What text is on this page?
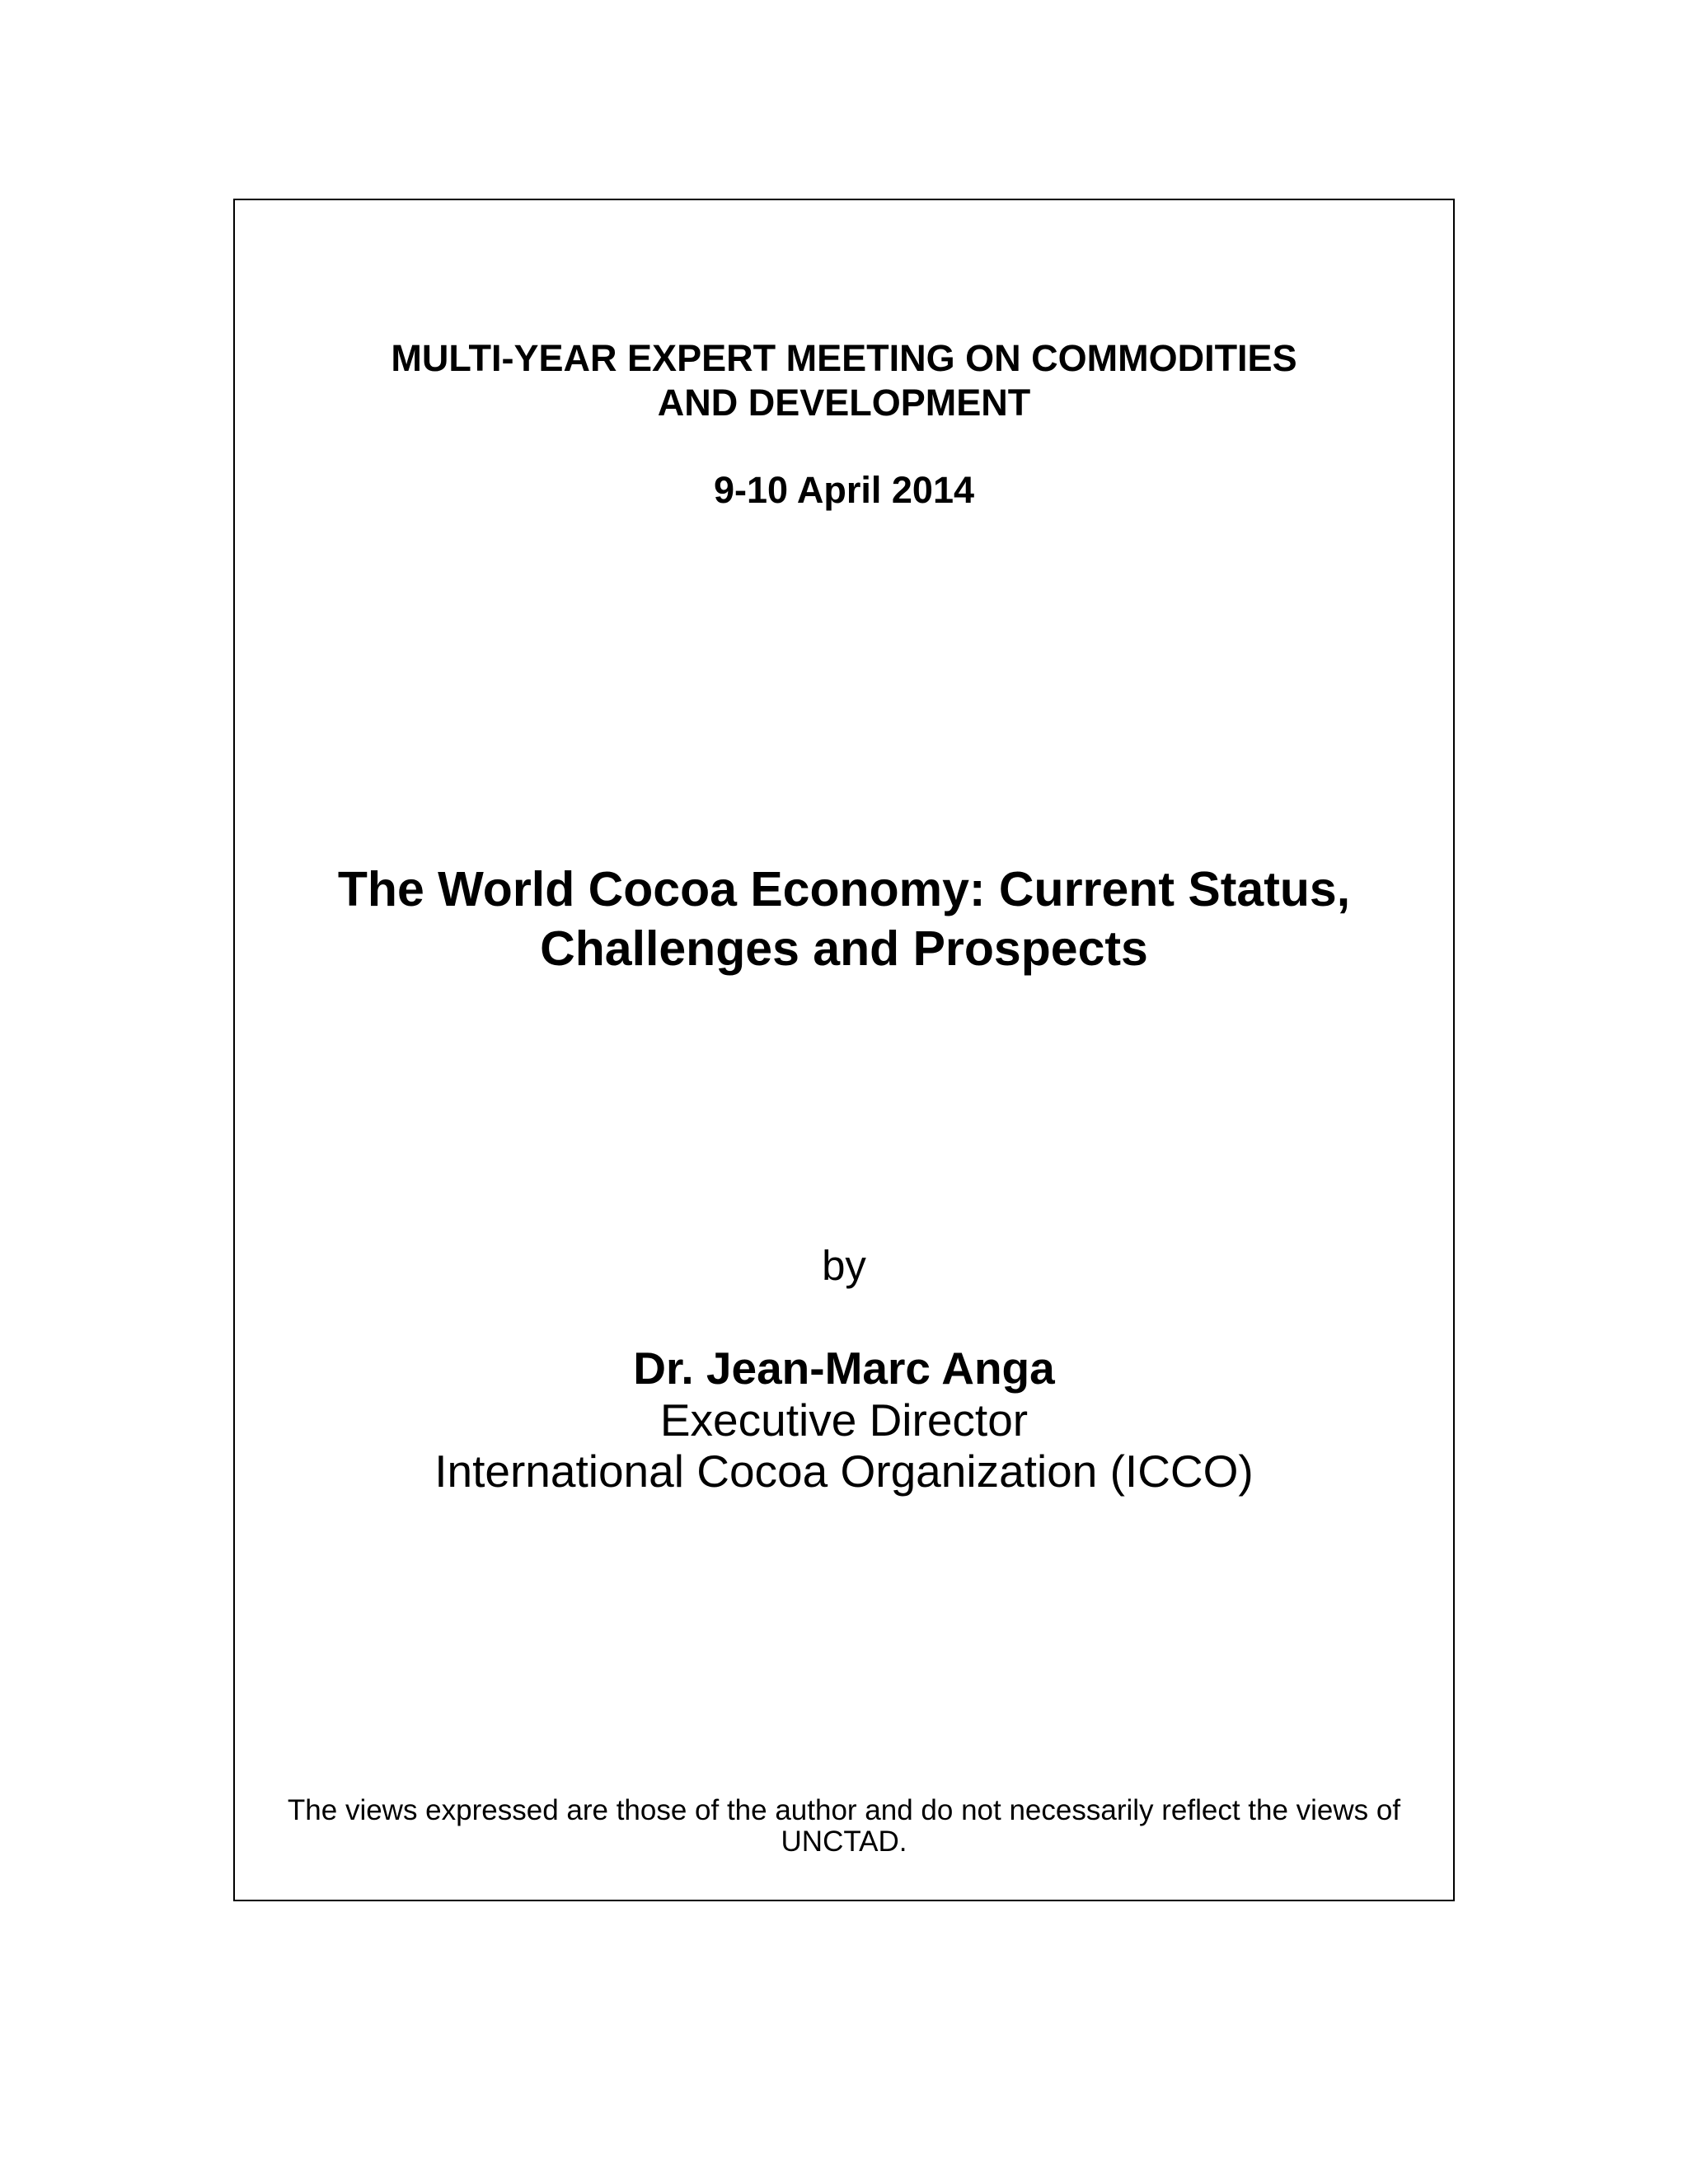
MULTI-YEAR EXPERT MEETING ON COMMODITIES
AND DEVELOPMENT
9-10 April 2014
The World Cocoa Economy: Current Status,
Challenges and Prospects
by
Dr. Jean-Marc Anga
Executive Director
International Cocoa Organization (ICCO)
The views expressed are those of the author and do not necessarily reflect the views of
UNCTAD.
